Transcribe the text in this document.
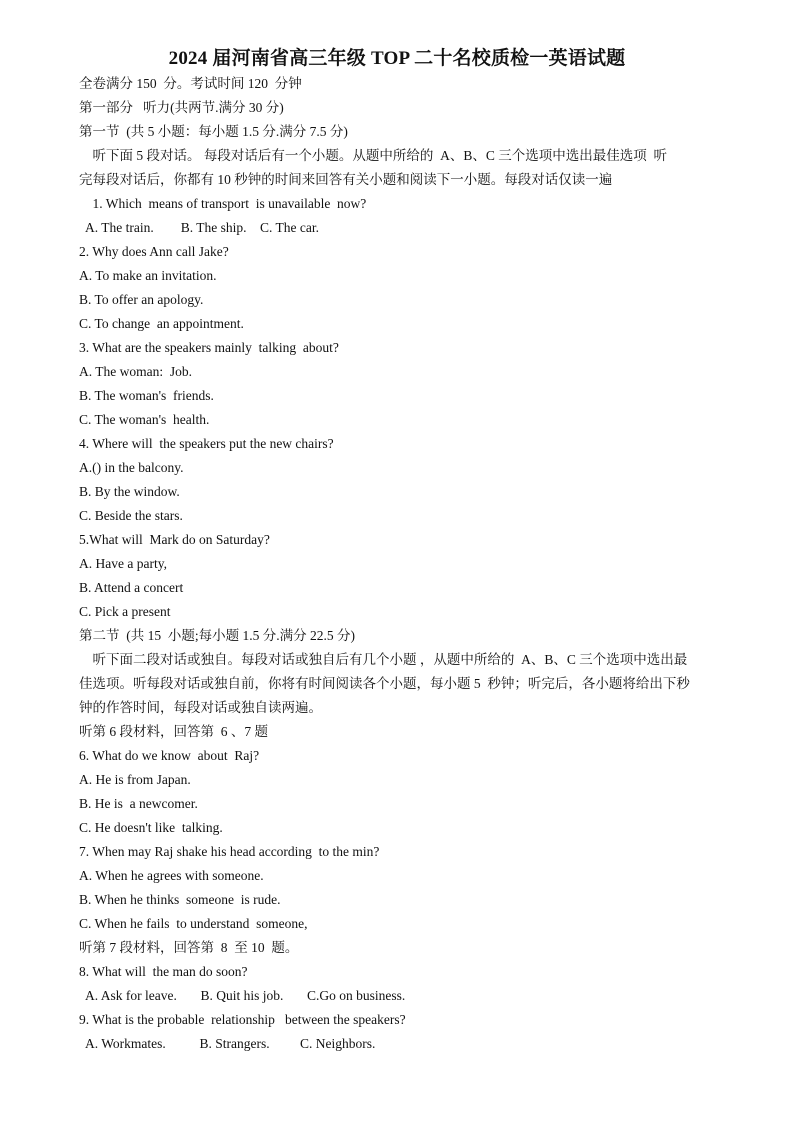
2024 届河南省高三年级 TOP 二十名校质检一英语试题
全卷满分 150  分。考试时间 120  分钟
第一部分   听力(共两节.满分 30 分)
第一节  (共 5 小题：每小题 1.5 分.满分 7.5 分)
听下面 5 段对话。 每段对话后有一个小题。从题中所给的  A、B、C 三个选项中选出最佳选项  听
完每段对话后，你都有 10 秒钟的时间来回答有关小题和阅读下一小题。每段对话仅读一遍
1. Which  means of transport  is unavailable  now?
A. The train.        B. The ship.    C. The car.
2. Why does Ann call Jake?
A. To make an invitation.
B. To offer an apology.
C. To change  an appointment.
3. What are the speakers mainly  talking  about?
A. The woman:  Job.
B. The woman's  friends.
C. The woman's  health.
4. Where will  the speakers put the new chairs?
A.() in the balcony.
B. By the window.
C. Beside the stars.
5.What will  Mark do on Saturday?
A. Have a party,
B. Attend a concert
C. Pick a present
第二节  (共 15  小题;每小题 1.5 分.满分 22.5 分)
听下面二段对话或独自。每段对话或独自后有几个小题 ，从题中所给的  A、B、C 三个选项中选出最
佳选项。听每段对话或独自前，你将有时间阅读各个小题，每小题 5  秒钟；听完后，各小题将给出下秒
钟的作答时间，每段对话或独自读两遍。
听第 6 段材料，回答第  6 、7 题
6. What do we know  about  Raj?
A. He is from Japan.
B. He is  a newcomer.
C. He doesn't like  talking.
7. When may Raj shake his head according  to the min?
A. When he agrees with someone.
B. When he thinks  someone  is rude.
C. When he fails  to understand  someone,
听第 7 段材料，回答第  8  至 10  题。
8. What will  the man do soon?
A. Ask for leave.       B. Quit his job.       C.Go on business.
9. What is the probable  relationship   between the speakers?
A. Workmates.          B. Strangers.         C. Neighbors.
